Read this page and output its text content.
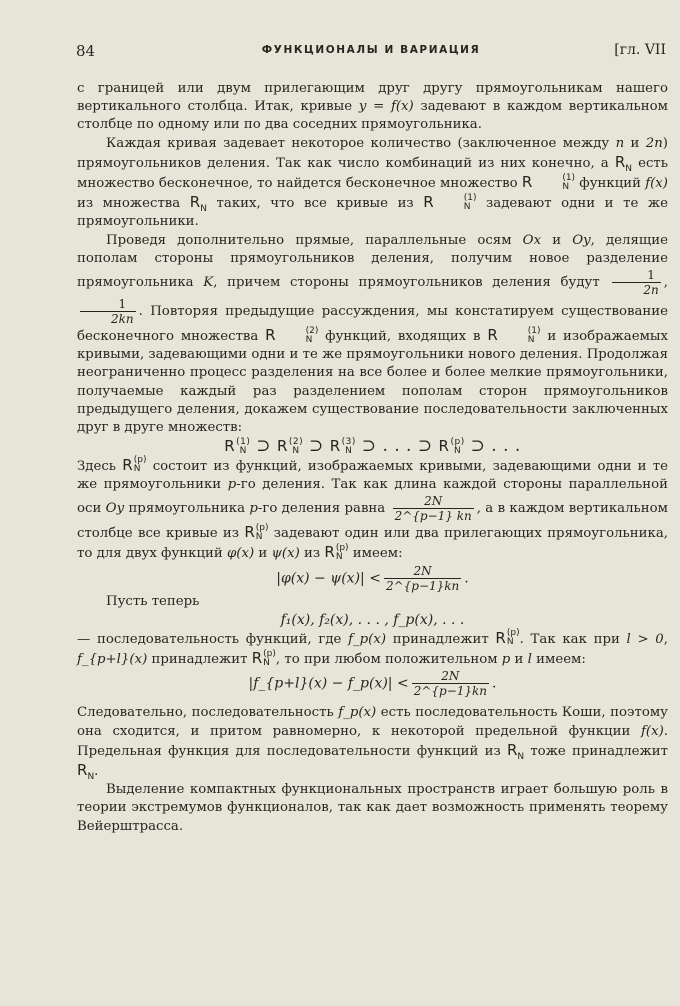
84	ФУНКЦИОНАЛЫ И ВАРИАЦИЯ	[гл. VII

с границей или двум прилегающим друг другу прямоугольникам нашего вертикального столбца. Итак, кривые y = f(x) задевают в каждом вертикальном столбце по одному или по два соседних прямоугольника.

Каждая кривая задевает некоторое количество (заключенное между n и 2n) прямоугольников деления. Так как число комбинаций из них конечно, а $R_N$ есть множество бесконечное, то найдется бесконечное множество R	(1)
N функций f(x) из множества $R_N$ таких, что все кривые из R	(1)
N задевают одни и те же прямоугольники.

Проведя дополнительно прямые, параллельные осям Ox и Oy, делящие пополам стороны прямоугольников деления, получим новое разделение прямоугольника K, причем стороны прямоугольников деления будут $\frac{1}{2n}$ ,
$\frac{1}{2kn}$ . Повторяя предыдущие рассуждения, мы констатируем существование бесконечного множества R	(2)
N функций, входящих в R	(1)
N и изображаемых кривыми, задевающими одни и те же прямоугольники нового деления. Продолжая неограниченно процесс разделения на все более и более мелкие прямоугольники, получаемые каждый раз разделением пополам сторон прямоугольников предыдущего деления, докажем существование последовательности заключенных друг в друге множеств:

R (1)
N ⊃ R (2)
N ⊃ R (3)
N ⊃ . . . ⊃ R (p)
N ⊃ . . .

Здесь R (p)
N состоит из функций, изображаемых кривыми, задевающими одни и те же прямоугольники p-го деления. Так как длина каждой стороны параллельной оси Oy прямоугольника p-го деления равна $\frac{2N}{2\^{}\{p-1\} kn}$ , а в каждом вертикальном столбце все кривые из R (p)
N задевают один или два прилегающих прямоугольника, то для двух функций φ(x) и ψ(x) из R (p)
N имеем:

$|\varphi(x) - \psi(x)| < \frac{2N}{2\^{}\{p-1\}kn}$ .

Пусть теперь

f₁(x), f₂(x), . . . , f_p(x), . . .

— последовательность функций, где f_p(x) принадлежит R (p)
N . Так как при l > 0, f_{p+l}(x) принадлежит R (p)
N , то при любом положительном p и l имеем:

|f_{p+l}(x) − f_p(x)| < $\frac{2N}{2\^{}\{p-1\}kn}$ .

Следовательно, последовательность f_p(x) есть последовательность Коши, поэтому она сходится, и притом равномерно, к некоторой предельной функции f(x). Предельная функция для последовательности функций из $R_N$ тоже принадлежит $R_N$.

Выделение компактных функциональных пространств играет большую роль в теории экстремумов функционалов, так как дает возможность применять теорему Вейерштрасса.
